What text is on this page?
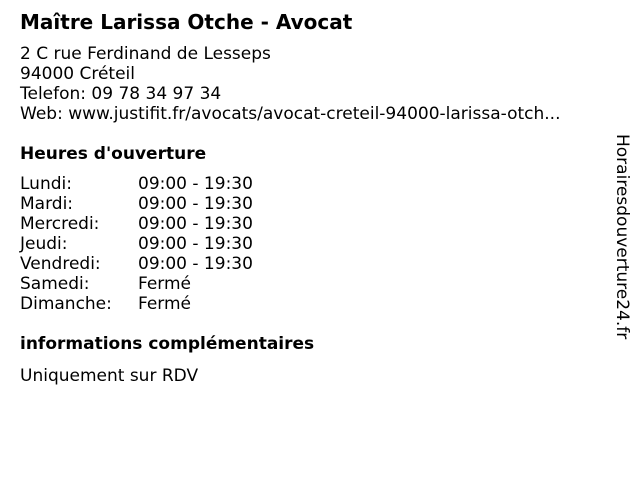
Maître Larissa Otche - Avocat
2 C rue Ferdinand de Lesseps
94000 Créteil
Telefon: 09 78 34 97 34
Web: www.justifit.fr/avocats/avocat-creteil-94000-larissa-otch...
Heures d'ouverture
Lundi:	09:00 - 19:30
Mardi:	09:00 - 19:30
Mercredi: 09:00 - 19:30
Jeudi:	09:00 - 19:30
Vendredi: 09:00 - 19:30
Samedi:	Fermé
Dimanche: Fermé
informations complémentaires
Uniquement sur RDV
Horairesdouverture24.fr
